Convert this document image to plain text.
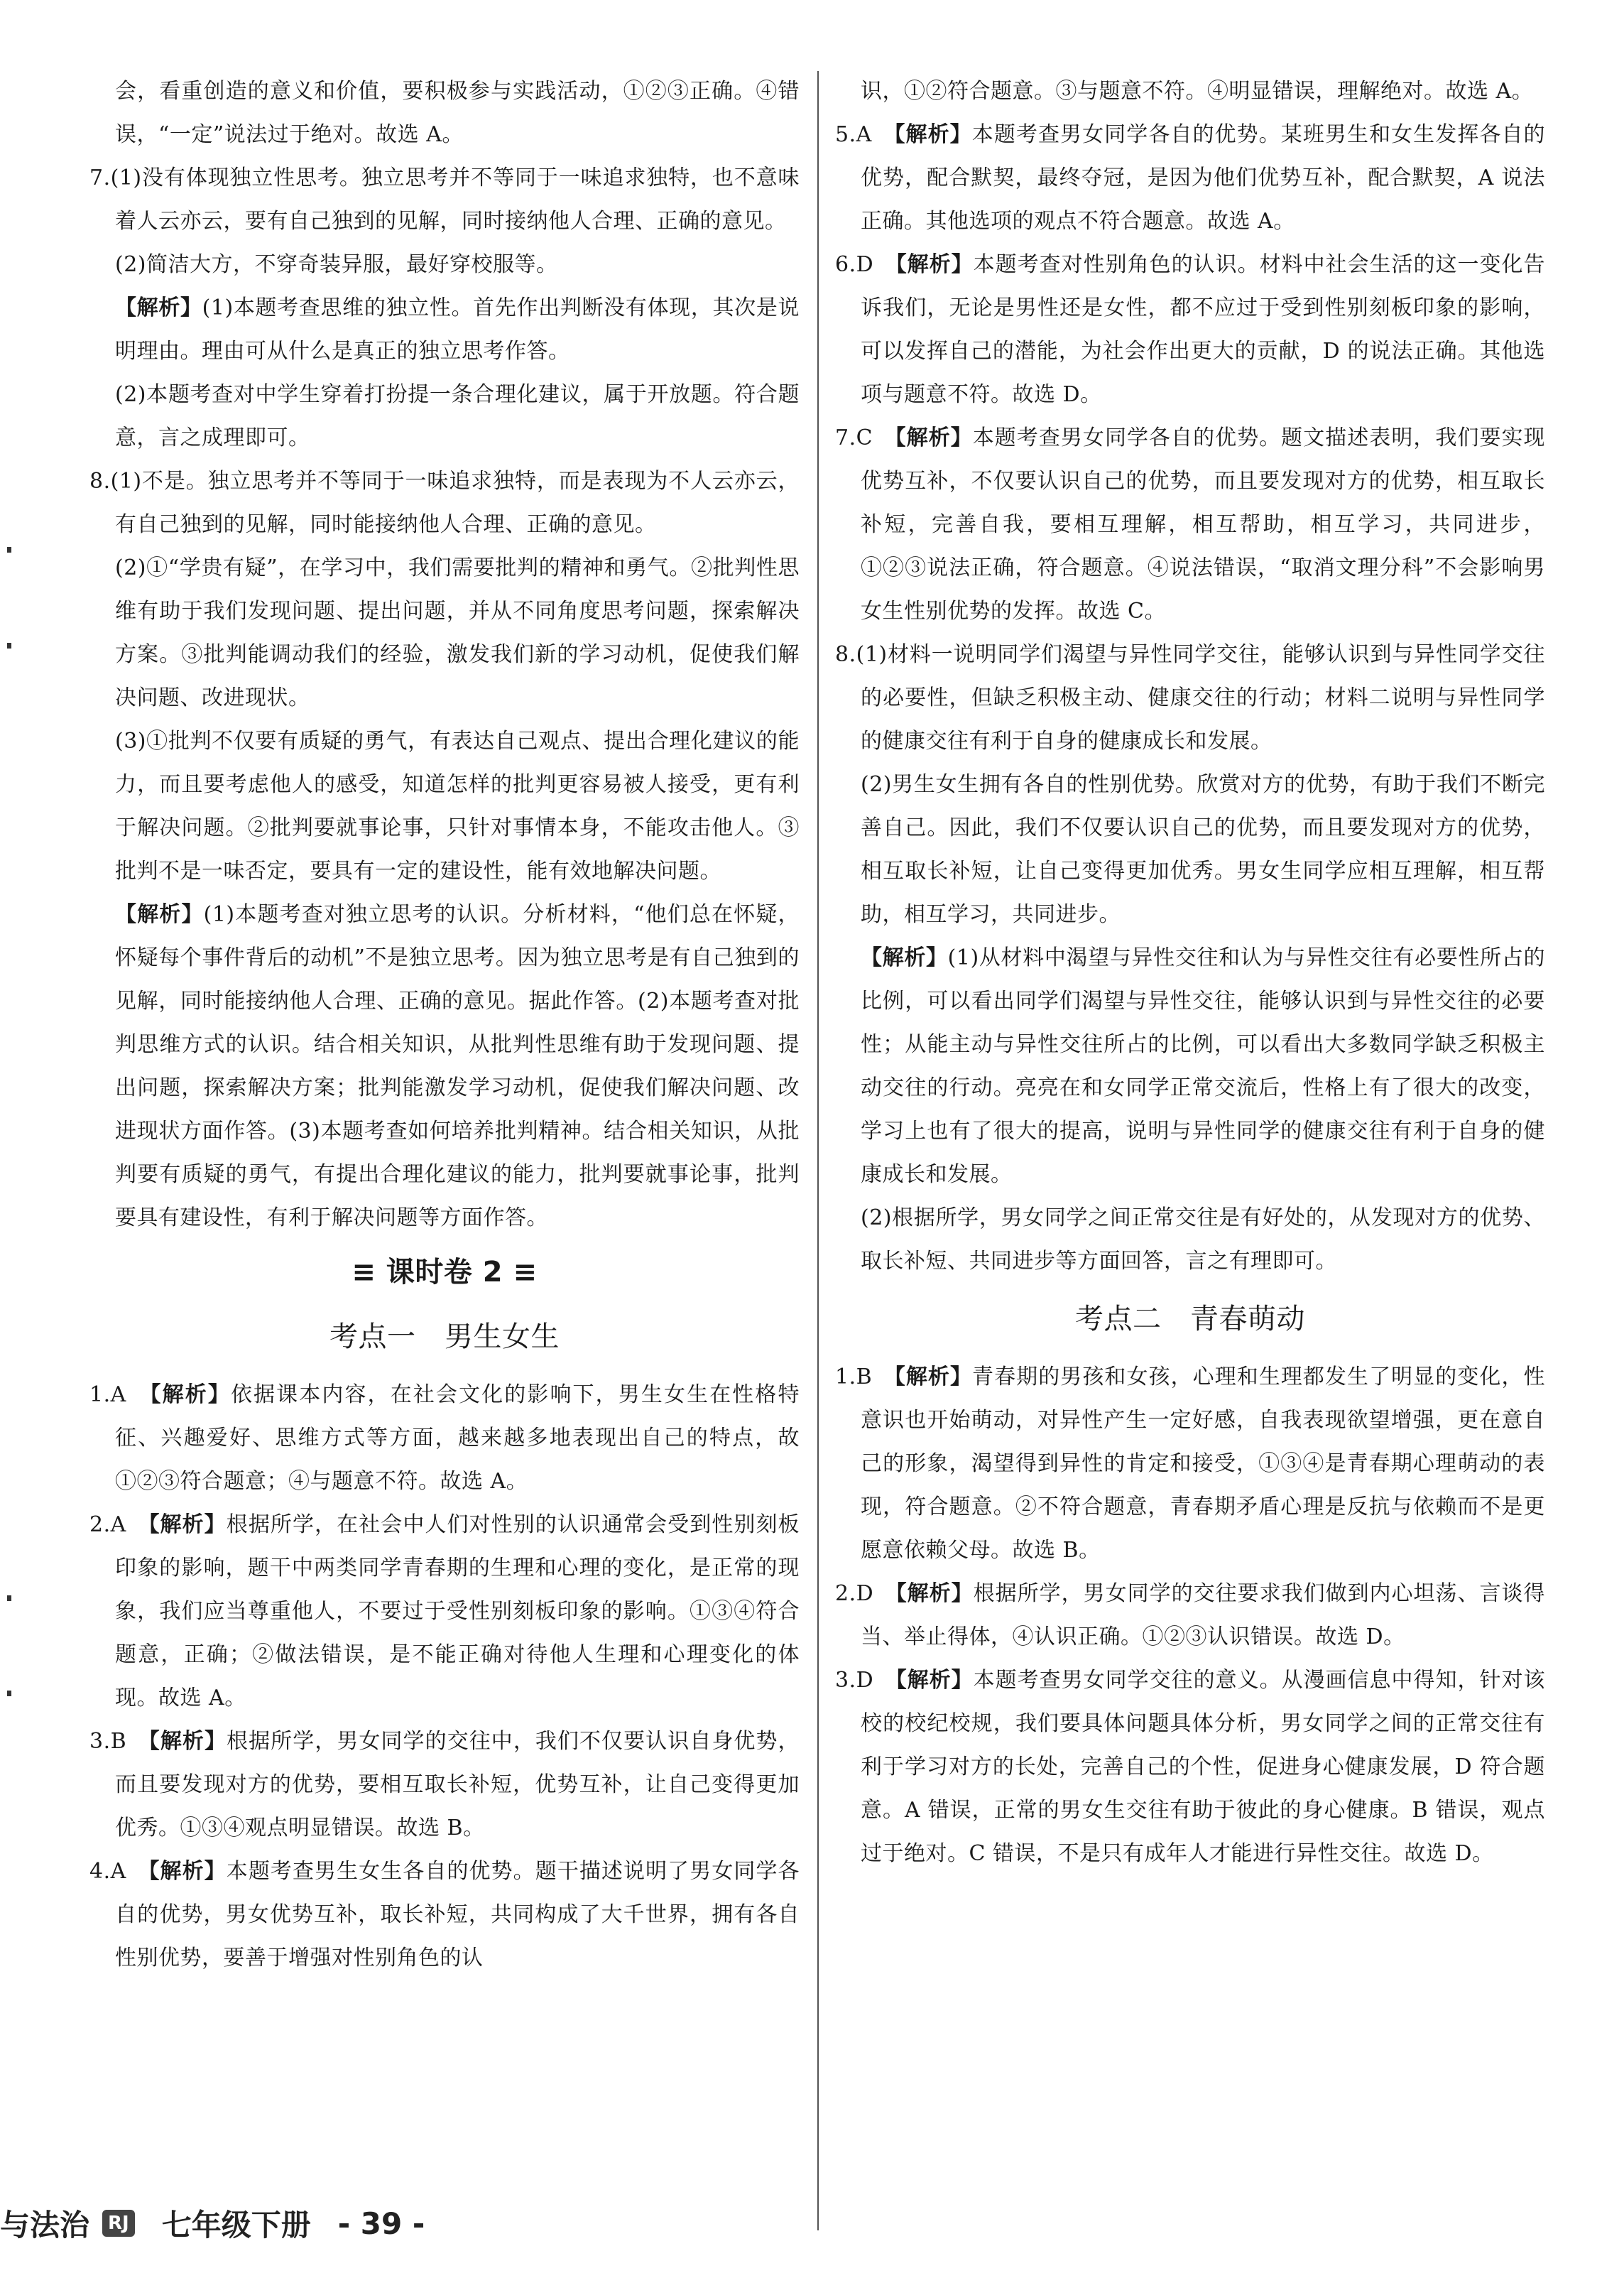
会，看重创造的意义和价值，要积极参与实践活动，①②③正确。④错误，“一定”说法过于绝对。故选 A。

7.(1)没有体现独立性思考。独立思考并不等同于一味追求独特，也不意味着人云亦云，要有自己独到的见解，同时接纳他人合理、正确的意见。

(2)简洁大方，不穿奇装异服，最好穿校服等。

【解析】(1)本题考查思维的独立性。首先作出判断没有体现，其次是说明理由。理由可从什么是真正的独立思考作答。

(2)本题考查对中学生穿着打扮提一条合理化建议，属于开放题。符合题意，言之成理即可。

8.(1)不是。独立思考并不等同于一味追求独特，而是表现为不人云亦云，有自己独到的见解，同时能接纳他人合理、正确的意见。

(2)①“学贵有疑”，在学习中，我们需要批判的精神和勇气。②批判性思维有助于我们发现问题、提出问题，并从不同角度思考问题，探索解决方案。③批判能调动我们的经验，激发我们新的学习动机，促使我们解决问题、改进现状。

(3)①批判不仅要有质疑的勇气，有表达自己观点、提出合理化建议的能力，而且要考虑他人的感受，知道怎样的批判更容易被人接受，更有利于解决问题。②批判要就事论事，只针对事情本身，不能攻击他人。③批判不是一味否定，要具有一定的建设性，能有效地解决问题。

【解析】(1)本题考查对独立思考的认识。分析材料，“他们总在怀疑，怀疑每个事件背后的动机”不是独立思考。因为独立思考是有自己独到的见解，同时能接纳他人合理、正确的意见。据此作答。(2)本题考查对批判思维方式的认识。结合相关知识，从批判性思维有助于发现问题、提出问题，探索解决方案；批判能激发学习动机，促使我们解决问题、改进现状方面作答。(3)本题考查如何培养批判精神。结合相关知识，从批判要有质疑的勇气，有提出合理化建议的能力，批判要就事论事，批判要具有建设性，有利于解决问题等方面作答。

≡ 课时卷 2 ≡
考点一　男生女生

1.A　 【解析】依据课本内容，在社会文化的影响下，男生女生在性格特征、兴趣爱好、思维方式等方面，越来越多地表现出自己的特点，故①②③符合题意；④与题意不符。故选 A。

2.A　 【解析】根据所学，在社会中人们对性别的认识通常会受到性别刻板印象的影响，题干中两类同学青春期的生理和心理的变化，是正常的现象，我们应当尊重他人，不要过于受性别刻板印象的影响。①③④符合题意，正确；②做法错误，是不能正确对待他人生理和心理变化的体现。故选 A。

3.B　 【解析】根据所学，男女同学的交往中，我们不仅要认识自身优势，而且要发现对方的优势，要相互取长补短，优势互补，让自己变得更加优秀。①③④观点明显错误。故选 B。

4.A　 【解析】本题考查男生女生各自的优势。题干描述说明了男女同学各自的优势，男女优势互补，取长补短，共同构成了大千世界，拥有各自性别优势，要善于增强对性别角色的认

识，①②符合题意。③与题意不符。④明显错误，理解绝对。故选 A。

5.A　 【解析】本题考查男女同学各自的优势。某班男生和女生发挥各自的优势，配合默契，最终夺冠，是因为他们优势互补，配合默契，A 说法正确。其他选项的观点不符合题意。故选 A。

6.D　 【解析】本题考查对性别角色的认识。材料中社会生活的这一变化告诉我们，无论是男性还是女性，都不应过于受到性别刻板印象的影响，可以发挥自己的潜能，为社会作出更大的贡献，D 的说法正确。其他选项与题意不符。故选 D。

7.C　 【解析】本题考查男女同学各自的优势。题文描述表明，我们要实现优势互补，不仅要认识自己的优势，而且要发现对方的优势，相互取长补短，完善自我，要相互理解，相互帮助，相互学习，共同进步，①②③说法正确，符合题意。④说法错误，“取消文理分科”不会影响男女生性别优势的发挥。故选 C。

8.(1)材料一说明同学们渴望与异性同学交往，能够认识到与异性同学交往的必要性，但缺乏积极主动、健康交往的行动；材料二说明与异性同学的健康交往有利于自身的健康成长和发展。

(2)男生女生拥有各自的性别优势。欣赏对方的优势，有助于我们不断完善自己。因此，我们不仅要认识自己的优势，而且要发现对方的优势，相互取长补短，让自己变得更加优秀。男女生同学应相互理解，相互帮助，相互学习，共同进步。

【解析】(1)从材料中渴望与异性交往和认为与异性交往有必要性所占的比例，可以看出同学们渴望与异性交往，能够认识到与异性交往的必要性；从能主动与异性交往所占的比例，可以看出大多数同学缺乏积极主动交往的行动。亮亮在和女同学正常交流后，性格上有了很大的改变，学习上也有了很大的提高，说明与异性同学的健康交往有利于自身的健康成长和发展。

(2)根据所学，男女同学之间正常交往是有好处的，从发现对方的优势、取长补短、共同进步等方面回答，言之有理即可。

考点二　青春萌动

1.B　 【解析】青春期的男孩和女孩，心理和生理都发生了明显的变化，性意识也开始萌动，对异性产生一定好感，自我表现欲望增强，更在意自己的形象，渴望得到异性的肯定和接受，①③④是青春期心理萌动的表现，符合题意。②不符合题意，青春期矛盾心理是反抗与依赖而不是更愿意依赖父母。故选 B。

2.D　 【解析】根据所学，男女同学的交往要求我们做到内心坦荡、言谈得当、举止得体，④认识正确。①②③认识错误。故选 D。

3.D　 【解析】本题考查男女同学交往的意义。从漫画信息中得知，针对该校的校纪校规，我们要具体问题具体分析，男女同学之间的正常交往有利于学习对方的长处，完善自己的个性，促进身心健康发展，D 符合题意。A 错误，正常的男女生交往有助于彼此的身心健康。B 错误，观点过于绝对。C 错误，不是只有成年人才能进行异性交往。故选 D。

与法治	RJ 七年级下册 - 39 -
